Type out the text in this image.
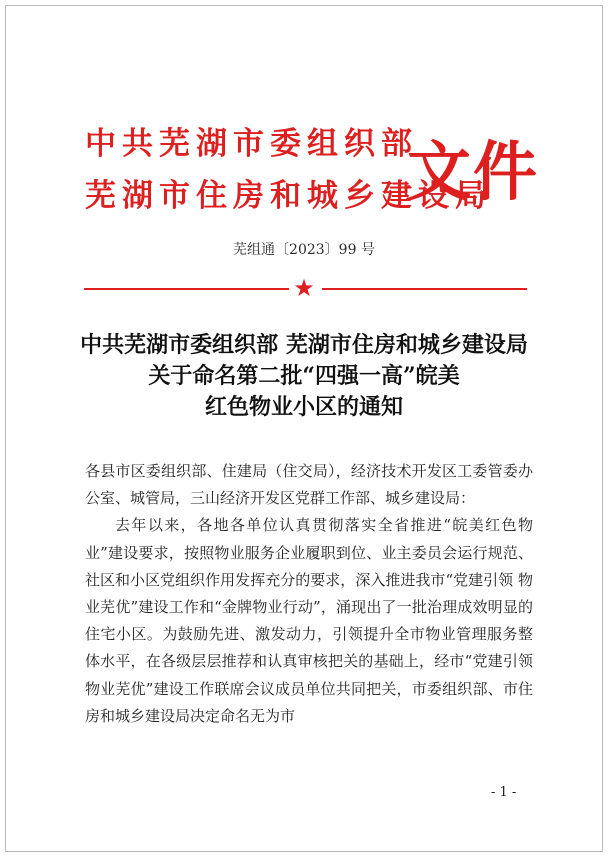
中共芜湖市委组织部
芜湖市住房和城乡建设局
文件
芜组通〔2023〕99 号
★
中共芜湖市委组织部 芜湖市住房和城乡建设局
关于命名第二批“四强一高”皖美
红色物业小区的通知

各县市区委组织部、住建局（住交局），经济技术开发区工委管委办公室、城管局，三山经济开发区党群工作部、城乡建设局：

去年以来，各地各单位认真贯彻落实全省推进“皖美红色物业”建设要求，按照物业服务企业履职到位、业主委员会运行规范、社区和小区党组织作用发挥充分的要求，深入推进我市“党建引领 物业芜优”建设工作和“金牌物业行动”，涌现出了一批治理成效明显的住宅小区。为鼓励先进、激发动力，引领提升全市物业管理服务整体水平，在各级层层推荐和认真审核把关的基础上，经市“党建引领 物业芜优”建设工作联席会议成员单位共同把关，市委组织部、市住房和城乡建设局决定命名无为市

- 1 -
